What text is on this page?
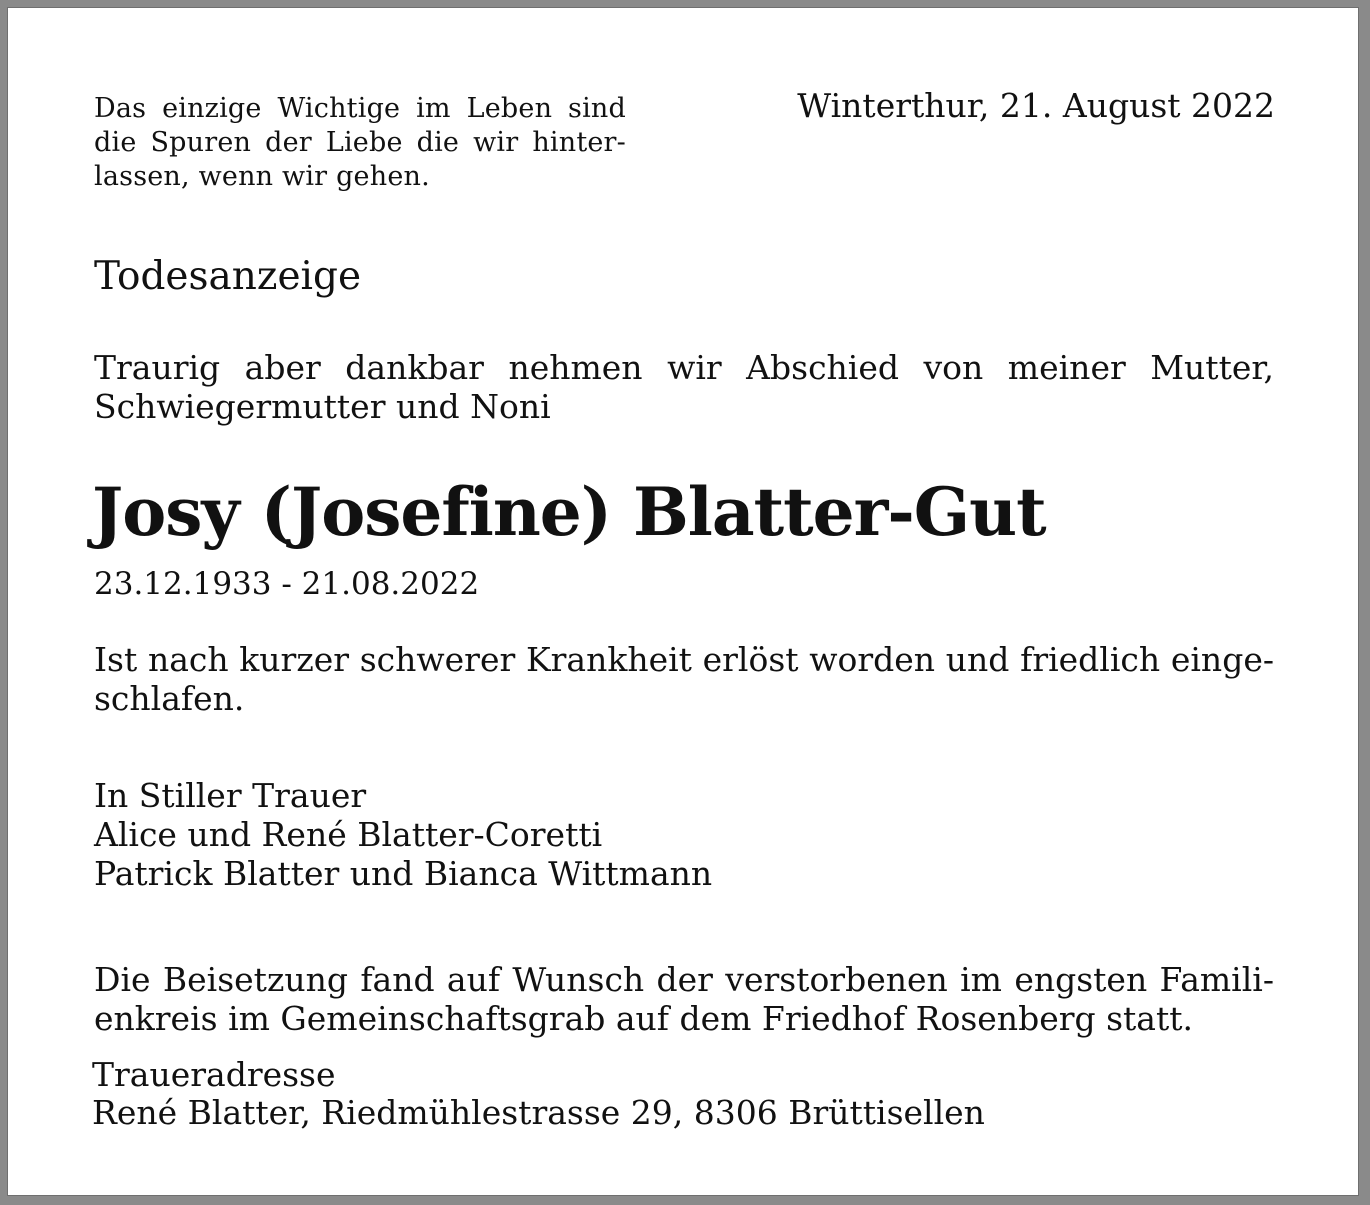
Das einzige Wichtige im Leben sind
die Spuren der Liebe die wir hinter-
lassen, wenn wir gehen.
Winterthur, 21. August 2022
Todesanzeige
Traurig aber dankbar nehmen wir Abschied von meiner Mutter,
Schwiegermutter und Noni
Josy (Josefine) Blatter-Gut
23.12.1933 - 21.08.2022
Ist nach kurzer schwerer Krankheit erlöst worden und friedlich einge-
schlafen.
In Stiller Trauer
Alice und René Blatter-Coretti
Patrick Blatter und Bianca Wittmann
Die Beisetzung fand auf Wunsch der verstorbenen im engsten Famili-
enkreis im Gemeinschaftsgrab auf dem Friedhof Rosenberg statt.
Traueradresse
René Blatter, Riedmühlestrasse 29, 8306 Brüttisellen
